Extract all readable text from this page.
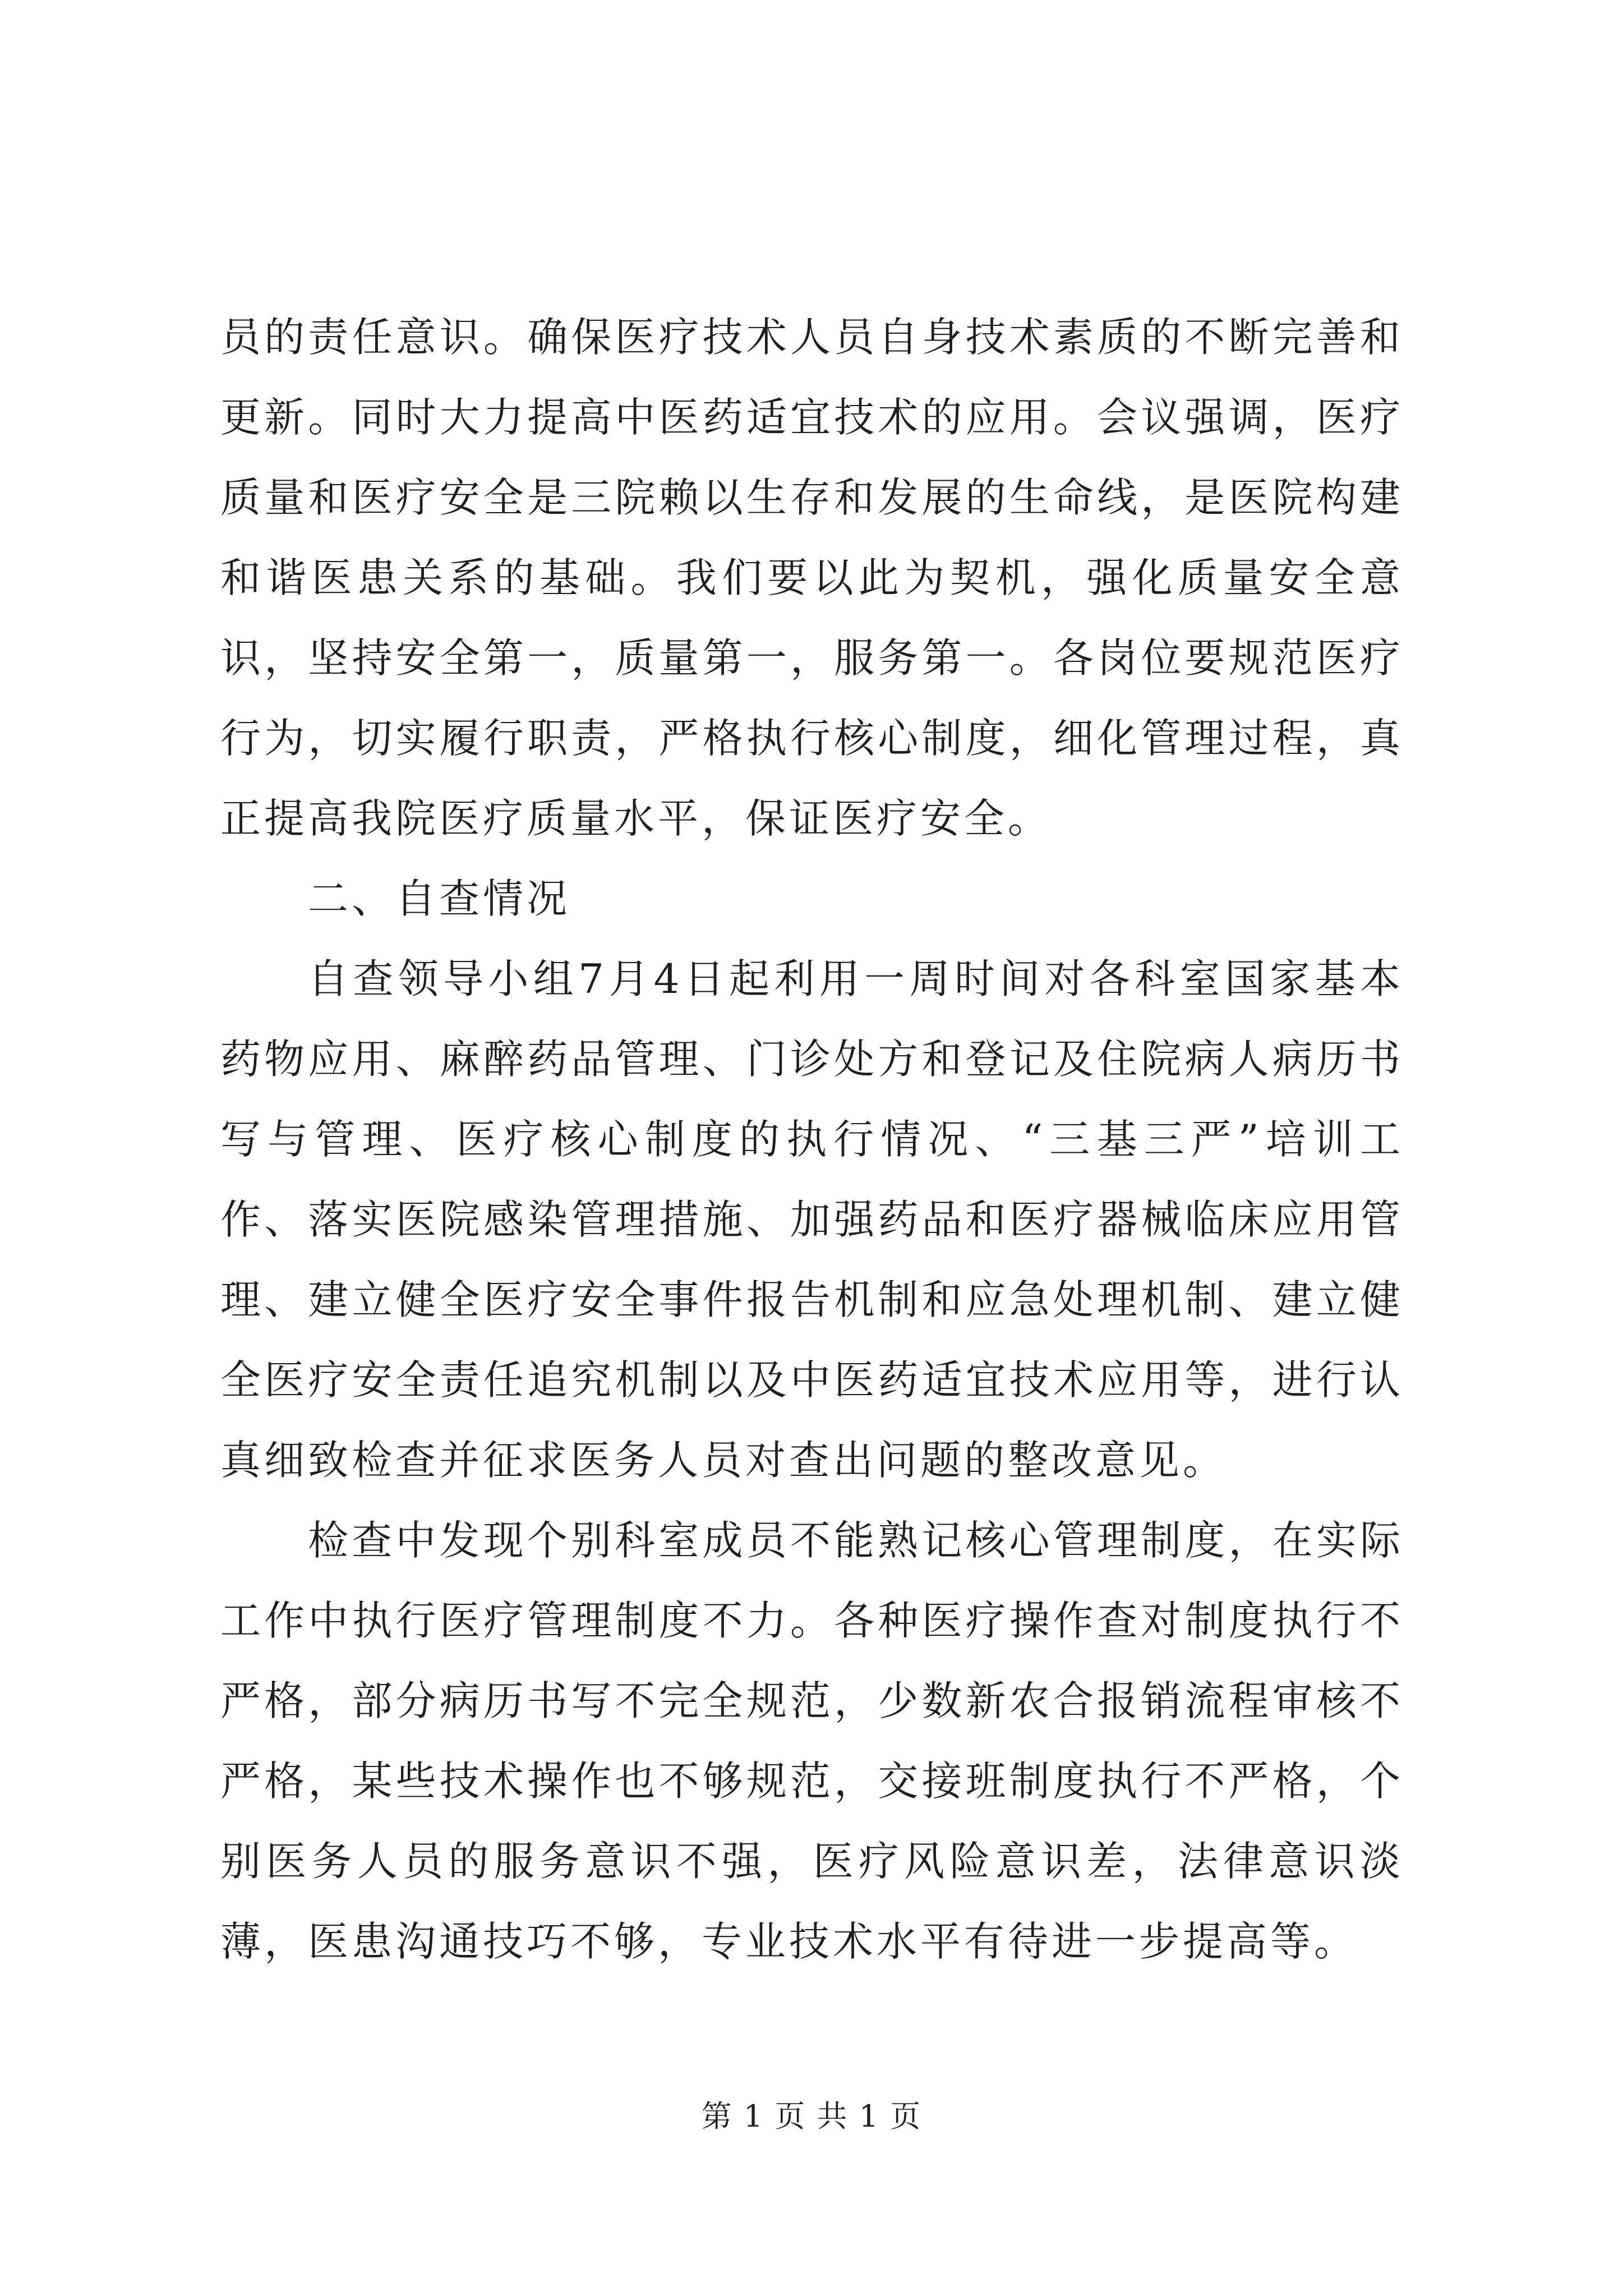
员的责任意识。确保医疗技术人员自身技术素质的不断完善和更新。同时大力提高中医药适宜技术的应用。会议强调，医疗质量和医疗安全是三院赖以生存和发展的生命线，是医院构建和谐医患关系的基础。我们要以此为契机，强化质量安全意识，坚持安全第一，质量第一，服务第一。各岗位要规范医疗行为，切实履行职责，严格执行核心制度，细化管理过程，真正提高我院医疗质量水平，保证医疗安全。

二、自查情况

自查领导小组7月4日起利用一周时间对各科室国家基本药物应用、麻醉药品管理、门诊处方和登记及住院病人病历书写与管理、医疗核心制度的执行情况、“三基三严”培训工作、落实医院感染管理措施、加强药品和医疗器械临床应用管理、建立健全医疗安全事件报告机制和应急处理机制、建立健全医疗安全责任追究机制以及中医药适宜技术应用等，进行认真细致检查并征求医务人员对查出问题的整改意见。

检查中发现个别科室成员不能熟记核心管理制度，在实际工作中执行医疗管理制度不力。各种医疗操作查对制度执行不严格，部分病历书写不完全规范，少数新农合报销流程审核不严格，某些技术操作也不够规范，交接班制度执行不严格，个别医务人员的服务意识不强，医疗风险意识差，法律意识淡薄，医患沟通技巧不够，专业技术水平有待进一步提高等。

第 1 页 共 1 页
